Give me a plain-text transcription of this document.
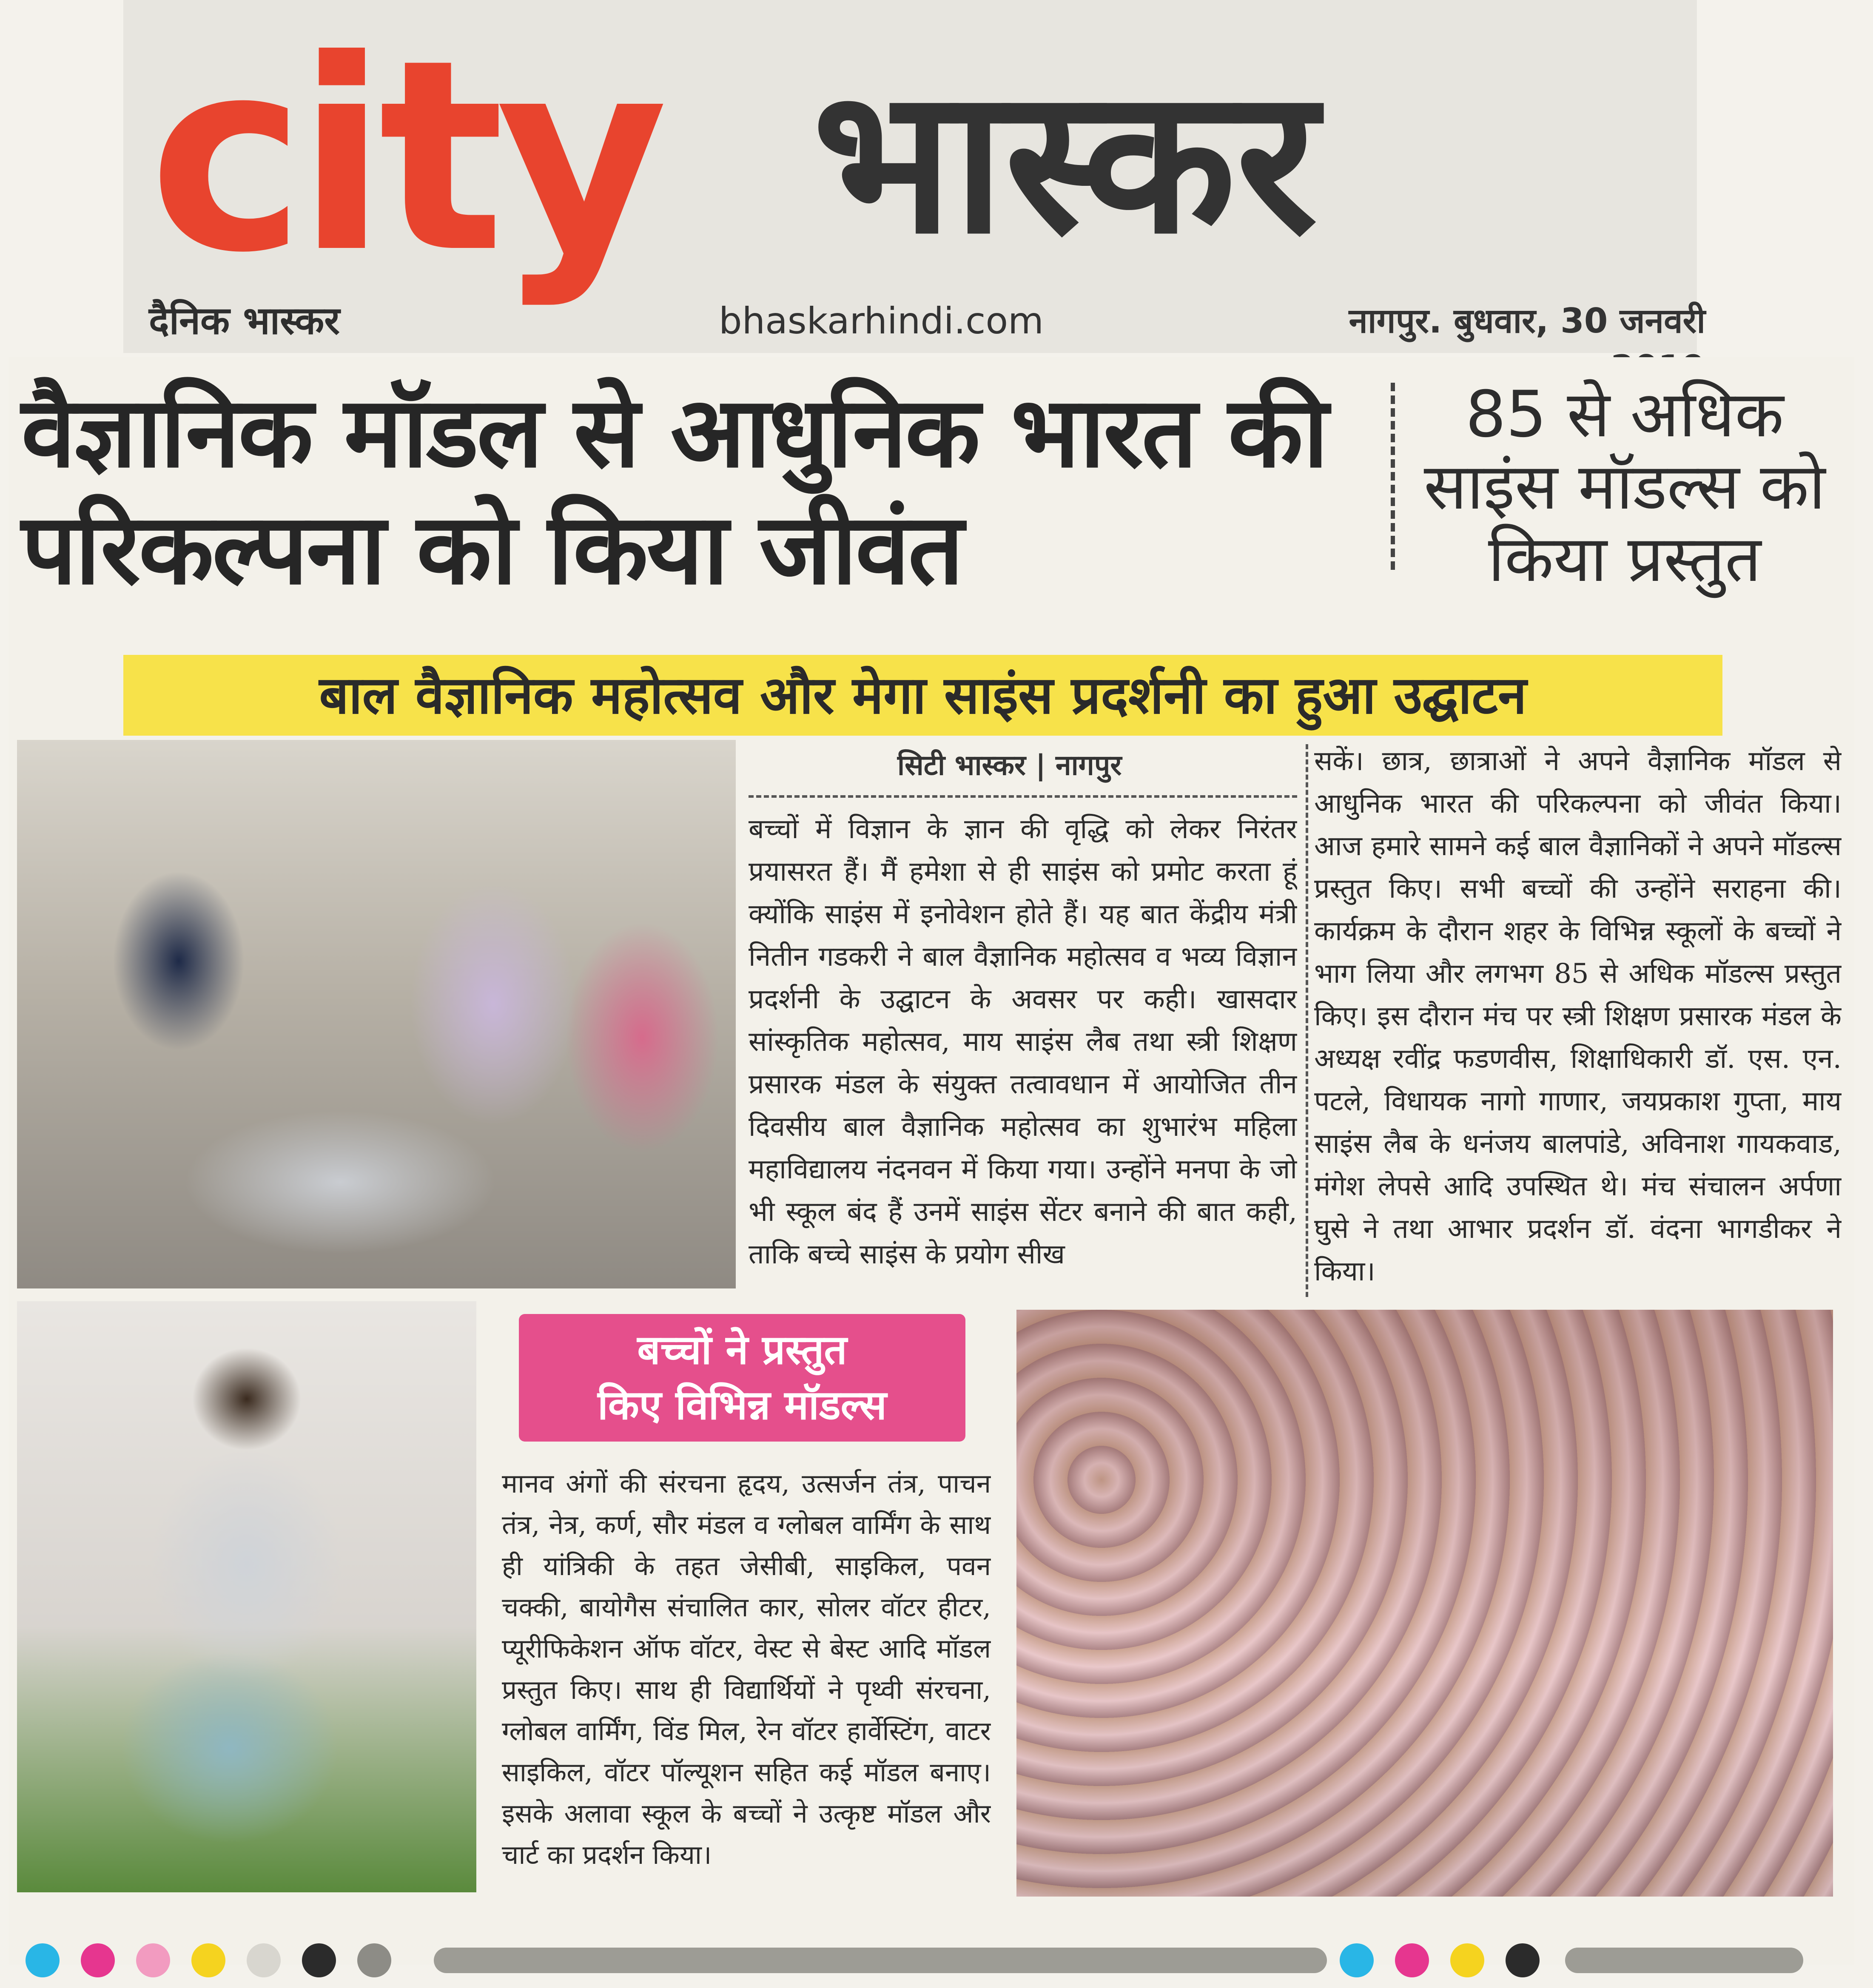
city भास्कर
दैनिक भास्कर	bhaskarhindi.com	नागपुर. बुधवार, 30 जनवरी
वैज्ञानिक मॉडल से आधुनिक भारत की परिकल्पना को किया जीवंत
85 से अधिक साइंस मॉडल्स को किया प्रस्तुत
बाल वैज्ञानिक महोत्सव और मेगा साइंस प्रदर्शनी का हुआ उद्घाटन
सिटी भास्कर | नागपुर
बच्चों में विज्ञान के ज्ञान की वृद्धि को लेकर निरंतर प्रयासरत हैं। मैं हमेशा से ही साइंस को प्रमोट करता हूं क्योंकि साइंस में इनोवेशन होते हैं। यह बात केंद्रीय मंत्री नितीन गडकरी ने बाल वैज्ञानिक महोत्सव व भव्य विज्ञान प्रदर्शनी के उद्घाटन के अवसर पर कही। खासदार सांस्कृतिक महोत्सव, माय साइंस लैब तथा स्त्री शिक्षण प्रसारक मंडल के संयुक्त तत्वावधान में आयोजित तीन दिवसीय बाल वैज्ञानिक महोत्सव का शुभारंभ महिला महाविद्यालय नंदनवन में किया गया। उन्होंने मनपा के जो भी स्कूल बंद हैं उनमें साइंस सेंटर बनाने की बात कही, ताकि बच्चे साइंस के प्रयोग सीख
सकें। छात्र, छात्राओं ने अपने वैज्ञानिक मॉडल से आधुनिक भारत की परिकल्पना को जीवंत किया। आज हमारे सामने कई बाल वैज्ञानिकों ने अपने मॉडल्स प्रस्तुत किए। सभी बच्चों की उन्होंने सराहना की। कार्यक्रम के दौरान शहर के विभिन्न स्कूलों के बच्चों ने भाग लिया और लगभग 85 से अधिक मॉडल्स प्रस्तुत किए। इस दौरान मंच पर स्त्री शिक्षण प्रसारक मंडल के अध्यक्ष रवींद्र फडणवीस, शिक्षाधिकारी डॉ. एस. एन. पटले, विधायक नागो गाणार, जयप्रकाश गुप्ता, माय साइंस लैब के धनंजय बालपांडे, अविनाश गायकवाड, मंगेश लेपसे आदि उपस्थित थे। मंच संचालन अर्पणा घुसे ने तथा आभार प्रदर्शन डॉ. वंदना भागडीकर ने किया।
बच्चों ने प्रस्तुत
किए विभिन्न मॉडल्स
मानव अंगों की संरचना हृदय, उत्सर्जन तंत्र, पाचन तंत्र, नेत्र, कर्ण, सौर मंडल व ग्लोबल वार्मिंग के साथ ही यांत्रिकी के तहत जेसीबी, साइकिल, पवन चक्की, बायोगैस संचालित कार, सोलर वॉटर हीटर, प्यूरीफिकेशन ऑफ वॉटर, वेस्ट से बेस्ट आदि मॉडल प्रस्तुत किए। साथ ही विद्यार्थियों ने पृथ्वी संरचना, ग्लोबल वार्मिंग, विंड मिल, रेन वॉटर हार्वेस्टिंग, वाटर साइकिल, वॉटर पॉल्यूशन सहित कई मॉडल बनाए। इसके अलावा स्कूल के बच्चों ने उत्कृष्ट मॉडल और चार्ट का प्रदर्शन किया।
